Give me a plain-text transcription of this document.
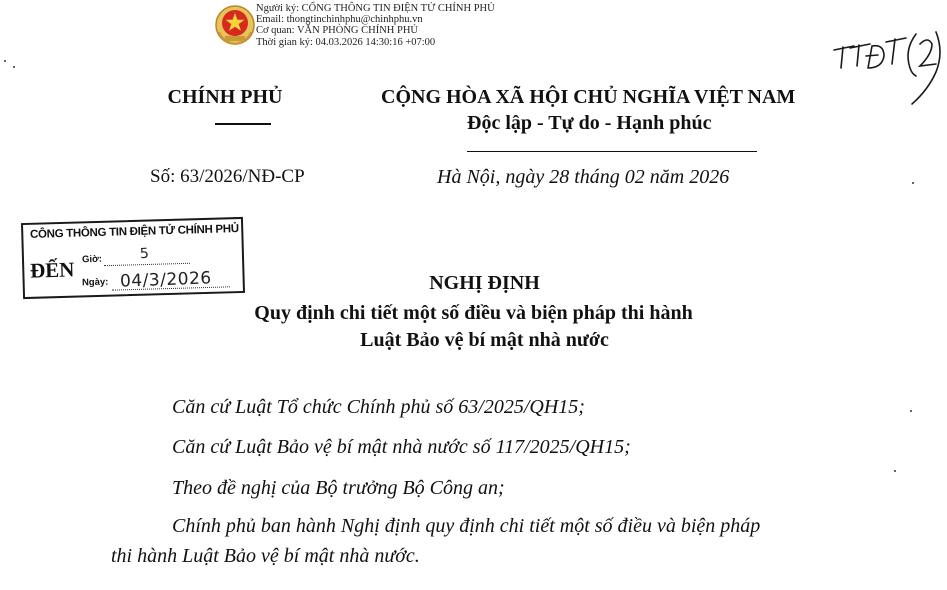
Người ký: CỔNG THÔNG TIN ĐIỆN TỬ CHÍNH PHỦ
Email: thongtinchinhphu@chinhphu.vn
Cơ quan: VĂN PHÒNG CHÍNH PHỦ
Thời gian ký: 04.03.2026 14:30:16 +07:00
CHÍNH PHỦ
Số: 63/2026/NĐ-CP
CỘNG HÒA XÃ HỘI CHỦ NGHĨA VIỆT NAM
Độc lập - Tự do - Hạnh phúc
Hà Nội, ngày 28 tháng 02 năm 2026
CÔNG THÔNG TIN ĐIỆN TỬ CHÍNH PHỦ
ĐẾN Giờ:	5
Ngày: 04/3/2026	NGHỊ ĐỊNH
Quy định chi tiết một số điều và biện pháp thi hành
Luật Bảo vệ bí mật nhà nước
Căn cứ Luật Tổ chức Chính phủ số 63/2025/QH15;
Căn cứ Luật Bảo vệ bí mật nhà nước số 117/2025/QH15;
Theo đề nghị của Bộ trưởng Bộ Công an;
Chính phủ ban hành Nghị định quy định chi tiết một số điều và biện pháp
thi hành Luật Bảo vệ bí mật nhà nước.
